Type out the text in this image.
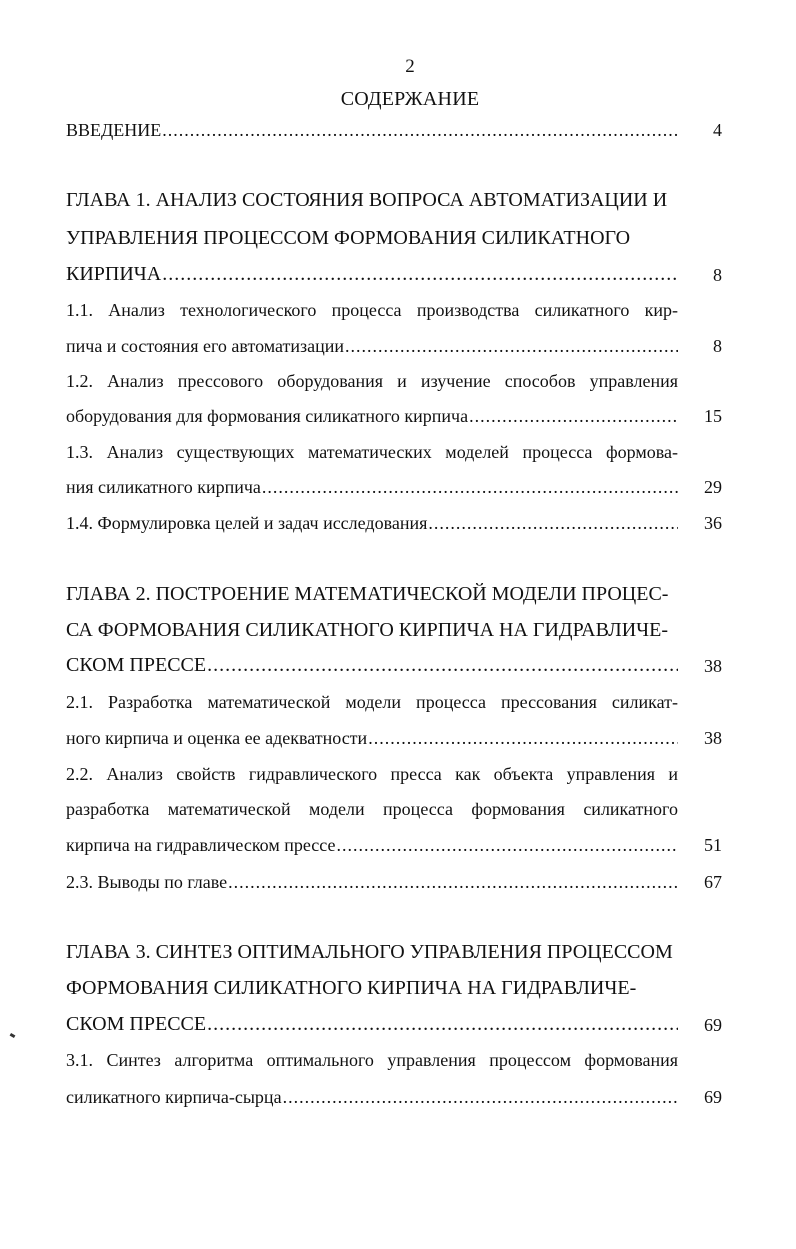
2
СОДЕРЖАНИЕ
ВВЕДЕНИЕ .....	4
ГЛАВА 1. АНАЛИЗ СОСТОЯНИЯ ВОПРОСА АВТОМАТИЗАЦИИ И
УПРАВЛЕНИЯ ПРОЦЕССОМ ФОРМОВАНИЯ СИЛИКАТНОГО
КИРПИЧА .....	8
1.1. Анализ технологического процесса производства силикатного кир-
пича и состояния его автоматизации .....	8
1.2. Анализ прессового оборудования и изучение способов управления
оборудования для формования силикатного кирпича .....	15
1.3. Анализ существующих математических моделей процесса формова-
ния силикатного кирпича .....	29
1.4. Формулировка целей и задач исследования .....	36
ГЛАВА 2. ПОСТРОЕНИЕ МАТЕМАТИЧЕСКОЙ МОДЕЛИ ПРОЦЕС-
СА ФОРМОВАНИЯ СИЛИКАТНОГО КИРПИЧА НА ГИДРАВЛИЧЕ-
СКОМ ПРЕССЕ .....	38
2.1. Разработка математической модели процесса прессования силикат-
ного кирпича и оценка ее адекватности .....	38
2.2. Анализ свойств гидравлического пресса как объекта управления и
разработка математической модели процесса формования силикатного
кирпича на гидравлическом прессе .....	51
2.3. Выводы по главе .....	67
ГЛАВА 3. СИНТЕЗ ОПТИМАЛЬНОГО УПРАВЛЕНИЯ ПРОЦЕССОМ
ФОРМОВАНИЯ СИЛИКАТНОГО КИРПИЧА НА ГИДРАВЛИЧЕ-
СКОМ ПРЕССЕ .....	69
3.1. Синтез алгоритма оптимального управления процессом формования
силикатного кирпича-сырца .....	69
